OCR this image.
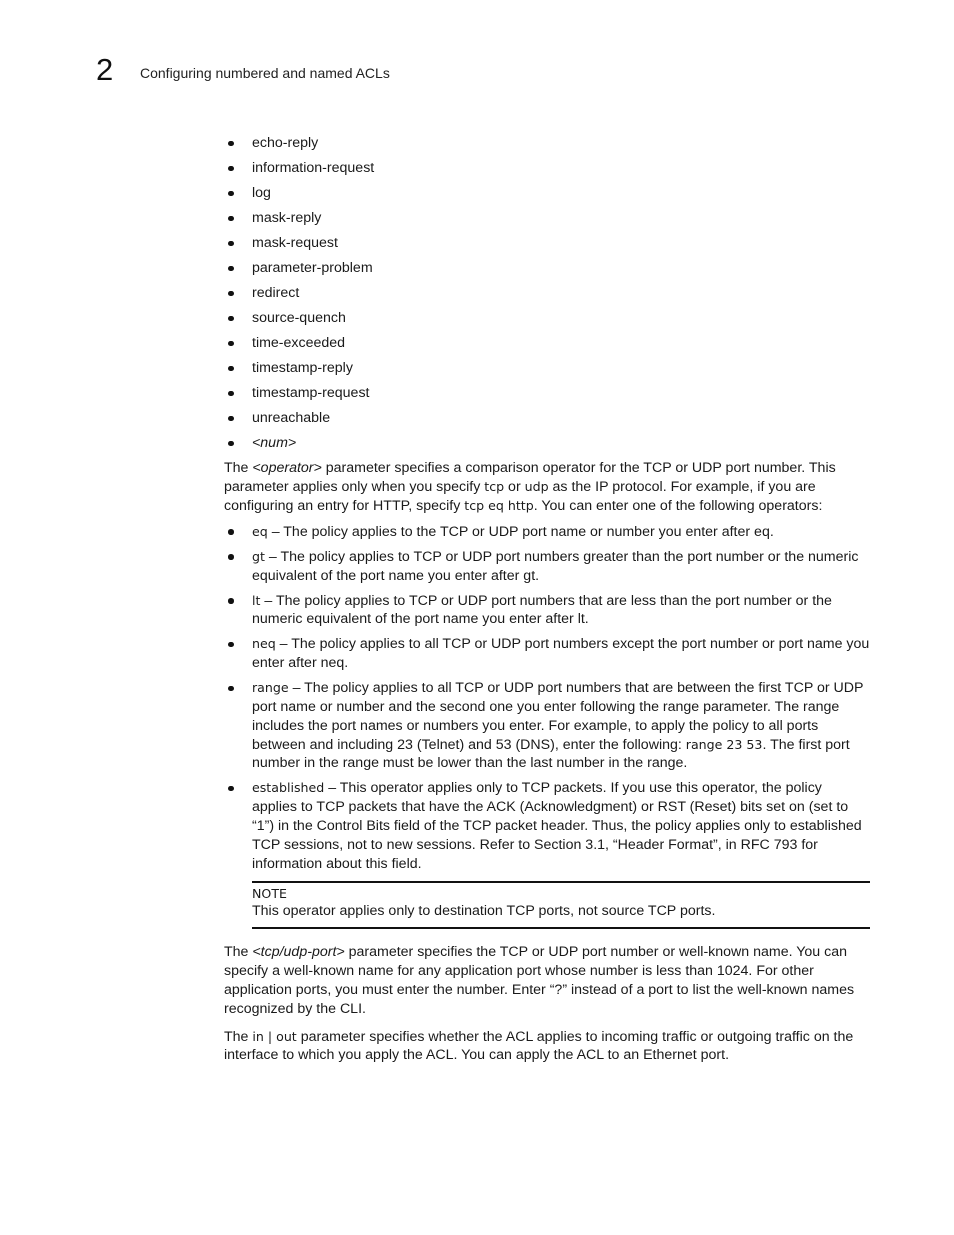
2 Configuring numbered and named ACLs
echo-reply
information-request
log
mask-reply
mask-request
parameter-problem
redirect
source-quench
time-exceeded
timestamp-reply
timestamp-request
unreachable
<num>

The <operator> parameter specifies a comparison operator for the TCP or UDP port number. This parameter applies only when you specify tcp or udp as the IP protocol. For example, if you are configuring an entry for HTTP, specify tcp eq http. You can enter one of the following operators:

eq – The policy applies to the TCP or UDP port name or number you enter after eq.
gt – The policy applies to TCP or UDP port numbers greater than the port number or the numeric equivalent of the port name you enter after gt.
lt – The policy applies to TCP or UDP port numbers that are less than the port number or the numeric equivalent of the port name you enter after lt.
neq – The policy applies to all TCP or UDP port numbers except the port number or port name you enter after neq.
range – The policy applies to all TCP or UDP port numbers that are between the first TCP or UDP port name or number and the second one you enter following the range parameter. The range includes the port names or numbers you enter. For example, to apply the policy to all ports between and including 23 (Telnet) and 53 (DNS), enter the following: range 23 53. The first port number in the range must be lower than the last number in the range.
established – This operator applies only to TCP packets. If you use this operator, the policy applies to TCP packets that have the ACK (Acknowledgment) or RST (Reset) bits set on (set to “1”) in the Control Bits field of the TCP packet header. Thus, the policy applies only to established TCP sessions, not to new sessions. Refer to Section 3.1, “Header Format”, in RFC 793 for information about this field.
NOTE
This operator applies only to destination TCP ports, not source TCP ports.

The <tcp/udp-port> parameter specifies the TCP or UDP port number or well-known name. You can specify a well-known name for any application port whose number is less than 1024. For other application ports, you must enter the number. Enter “?” instead of a port to list the well-known names recognized by the CLI.

The in | out parameter specifies whether the ACL applies to incoming traffic or outgoing traffic on the interface to which you apply the ACL. You can apply the ACL to an Ethernet port.
